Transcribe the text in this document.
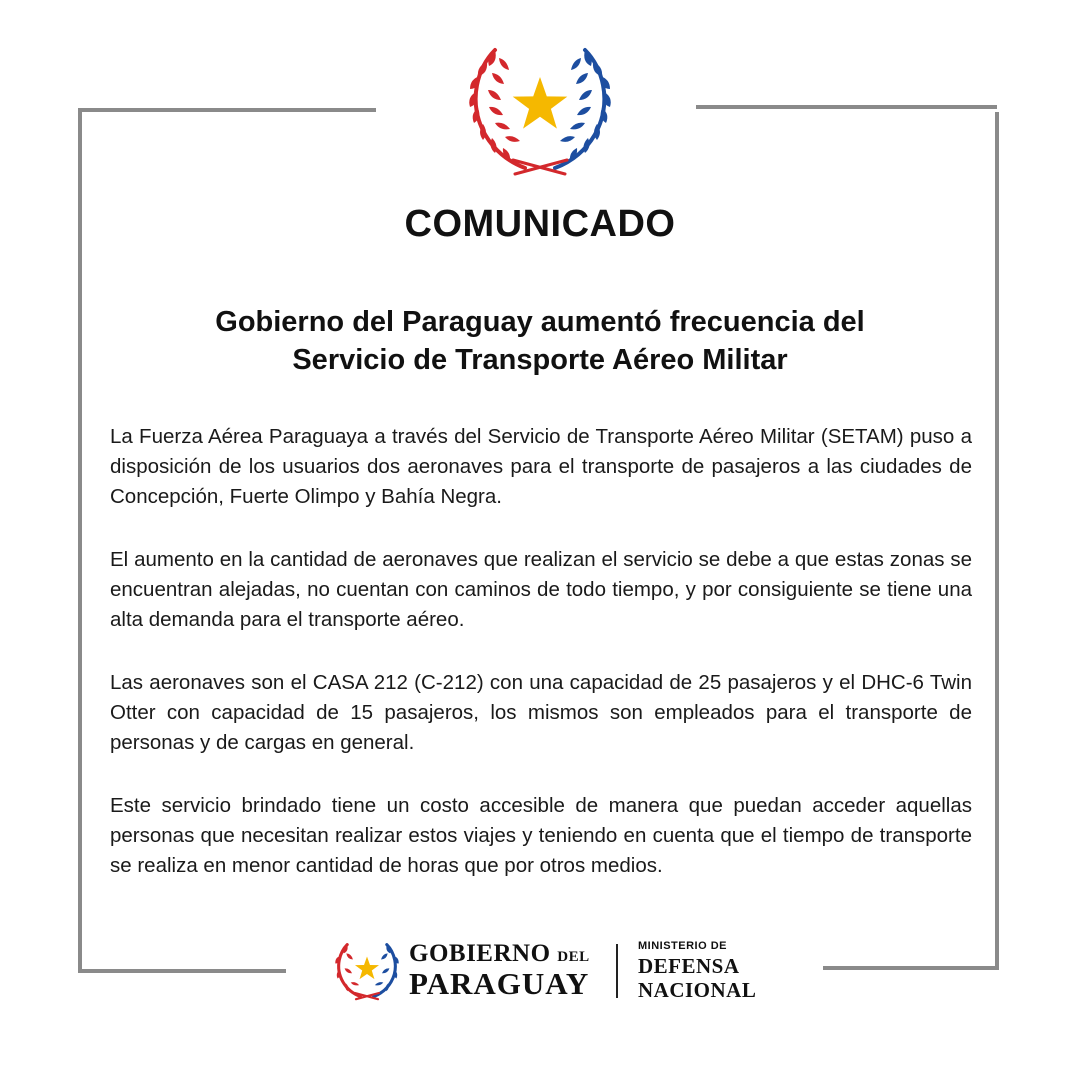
COMUNICADO
Gobierno del Paraguay aumentó frecuencia del
Servicio de Transporte Aéreo Militar

La Fuerza Aérea Paraguaya a través del Servicio de Transporte Aéreo Militar (SETAM) puso a disposición de los usuarios dos aeronaves para el transporte de pasajeros a las ciudades de Concepción, Fuerte Olimpo y Bahía Negra.

El aumento en la cantidad de aeronaves que realizan el servicio se debe a que estas zonas se encuentran alejadas, no cuentan con caminos de todo tiempo, y por consiguiente se tiene una alta demanda para el transporte aéreo.

Las aeronaves son el CASA 212 (C-212) con una capacidad de 25 pasajeros y el DHC-6 Twin Otter con capacidad de 15 pasajeros, los mismos son empleados para el transporte de personas y de cargas en general.

Este servicio brindado tiene un costo accesible de manera que puedan acceder aquellas personas que necesitan realizar estos viajes y teniendo en cuenta que el tiempo de transporte se realiza en menor cantidad de horas que por otros medios.

GOBIERNO DEL
PARAGUAY
MINISTERIO DE
DEFENSA
NACIONAL
